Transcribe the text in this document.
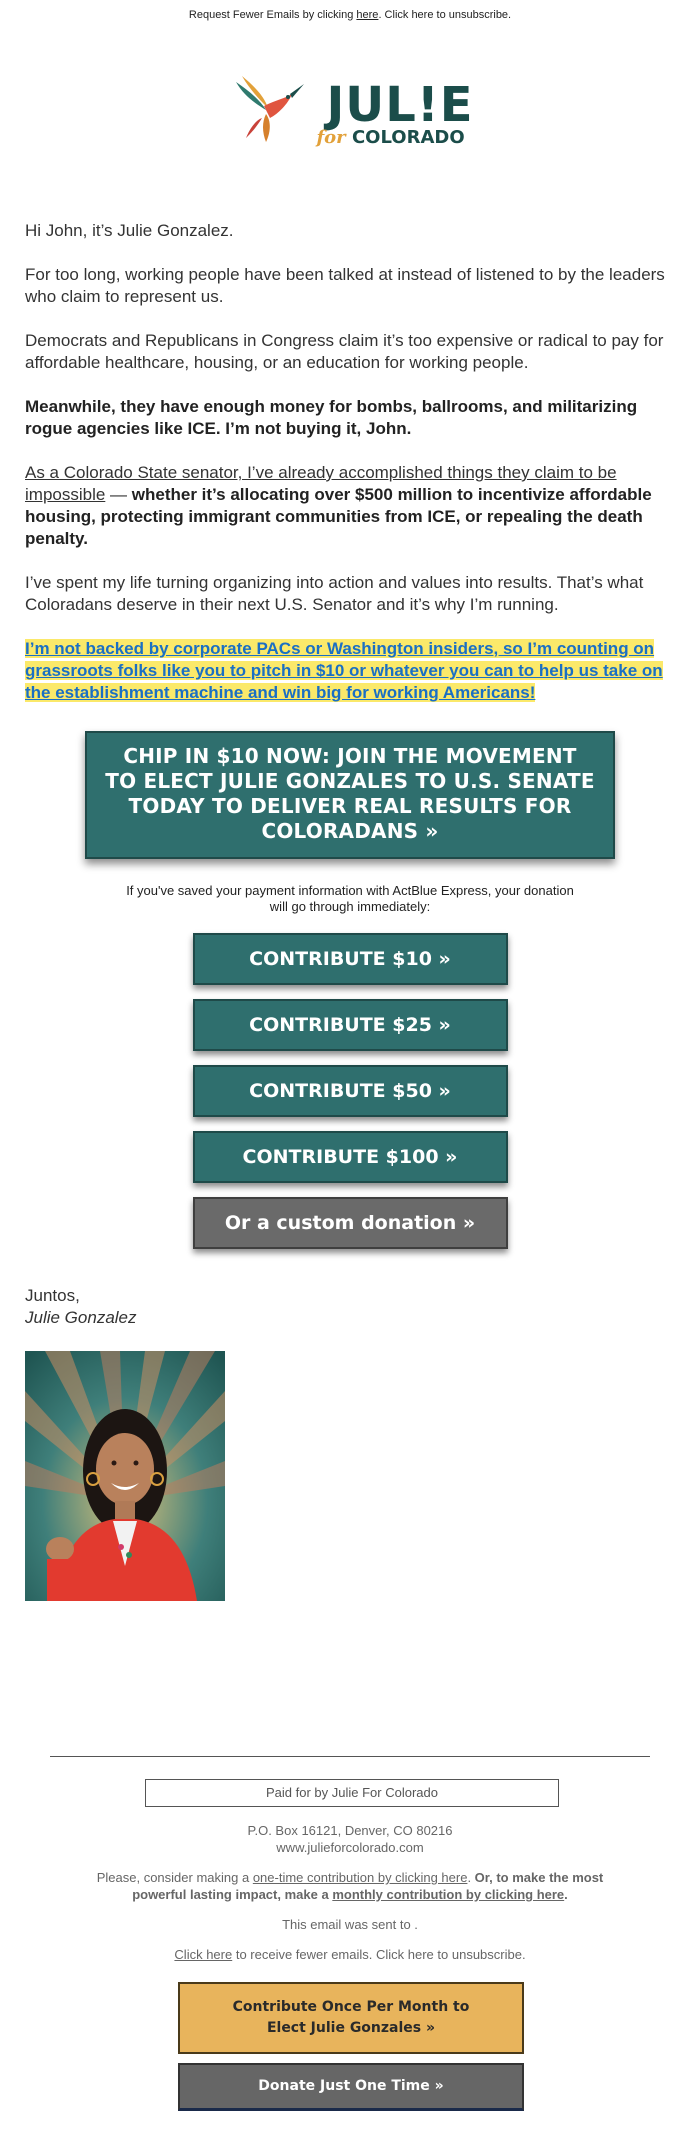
Request Fewer Emails by clicking here. Click here to unsubscribe.
JUL!E
for COLORADO

Hi John, it’s Julie Gonzalez.

For too long, working people have been talked at instead of listened to by the leaders who claim to represent us.

Democrats and Republicans in Congress claim it’s too expensive or radical to pay for affordable healthcare, housing, or an education for working people.

Meanwhile, they have enough money for bombs, ballrooms, and militarizing rogue agencies like ICE. I’m not buying it, John.

As a Colorado State senator, I’ve already accomplished things they claim to be impossible — whether it’s allocating over $500 million to incentivize affordable housing, protecting immigrant communities from ICE, or repealing the death penalty.

I’ve spent my life turning organizing into action and values into results. That’s what Coloradans deserve in their next U.S. Senator and it’s why I’m running.

I’m not backed by corporate PACs or Washington insiders, so I’m counting on grassroots folks like you to pitch in $10 or whatever you can to help us take on the establishment machine and win big for working Americans!

CHIP IN $10 NOW: JOIN THE MOVEMENT TO ELECT JULIE GONZALES TO U.S. SENATE TODAY TO DELIVER REAL RESULTS FOR COLORADANS »

If you've saved your payment information with ActBlue Express, your donation will go through immediately:

CONTRIBUTE $10 »
CONTRIBUTE $25 »
CONTRIBUTE $50 »
CONTRIBUTE $100 »
Or a custom donation »
Juntos,
Julie Gonzalez
Paid for by Julie For Colorado
P.O. Box 16121, Denver, CO 80216
www.julieforcolorado.com
Please, consider making a one-time contribution by clicking here. Or, to make the most powerful lasting impact, make a monthly contribution by clicking here.
This email was sent to .
Click here to receive fewer emails. Click here to unsubscribe.
Contribute Once Per Month to Elect Julie Gonzales »
Donate Just One Time »
